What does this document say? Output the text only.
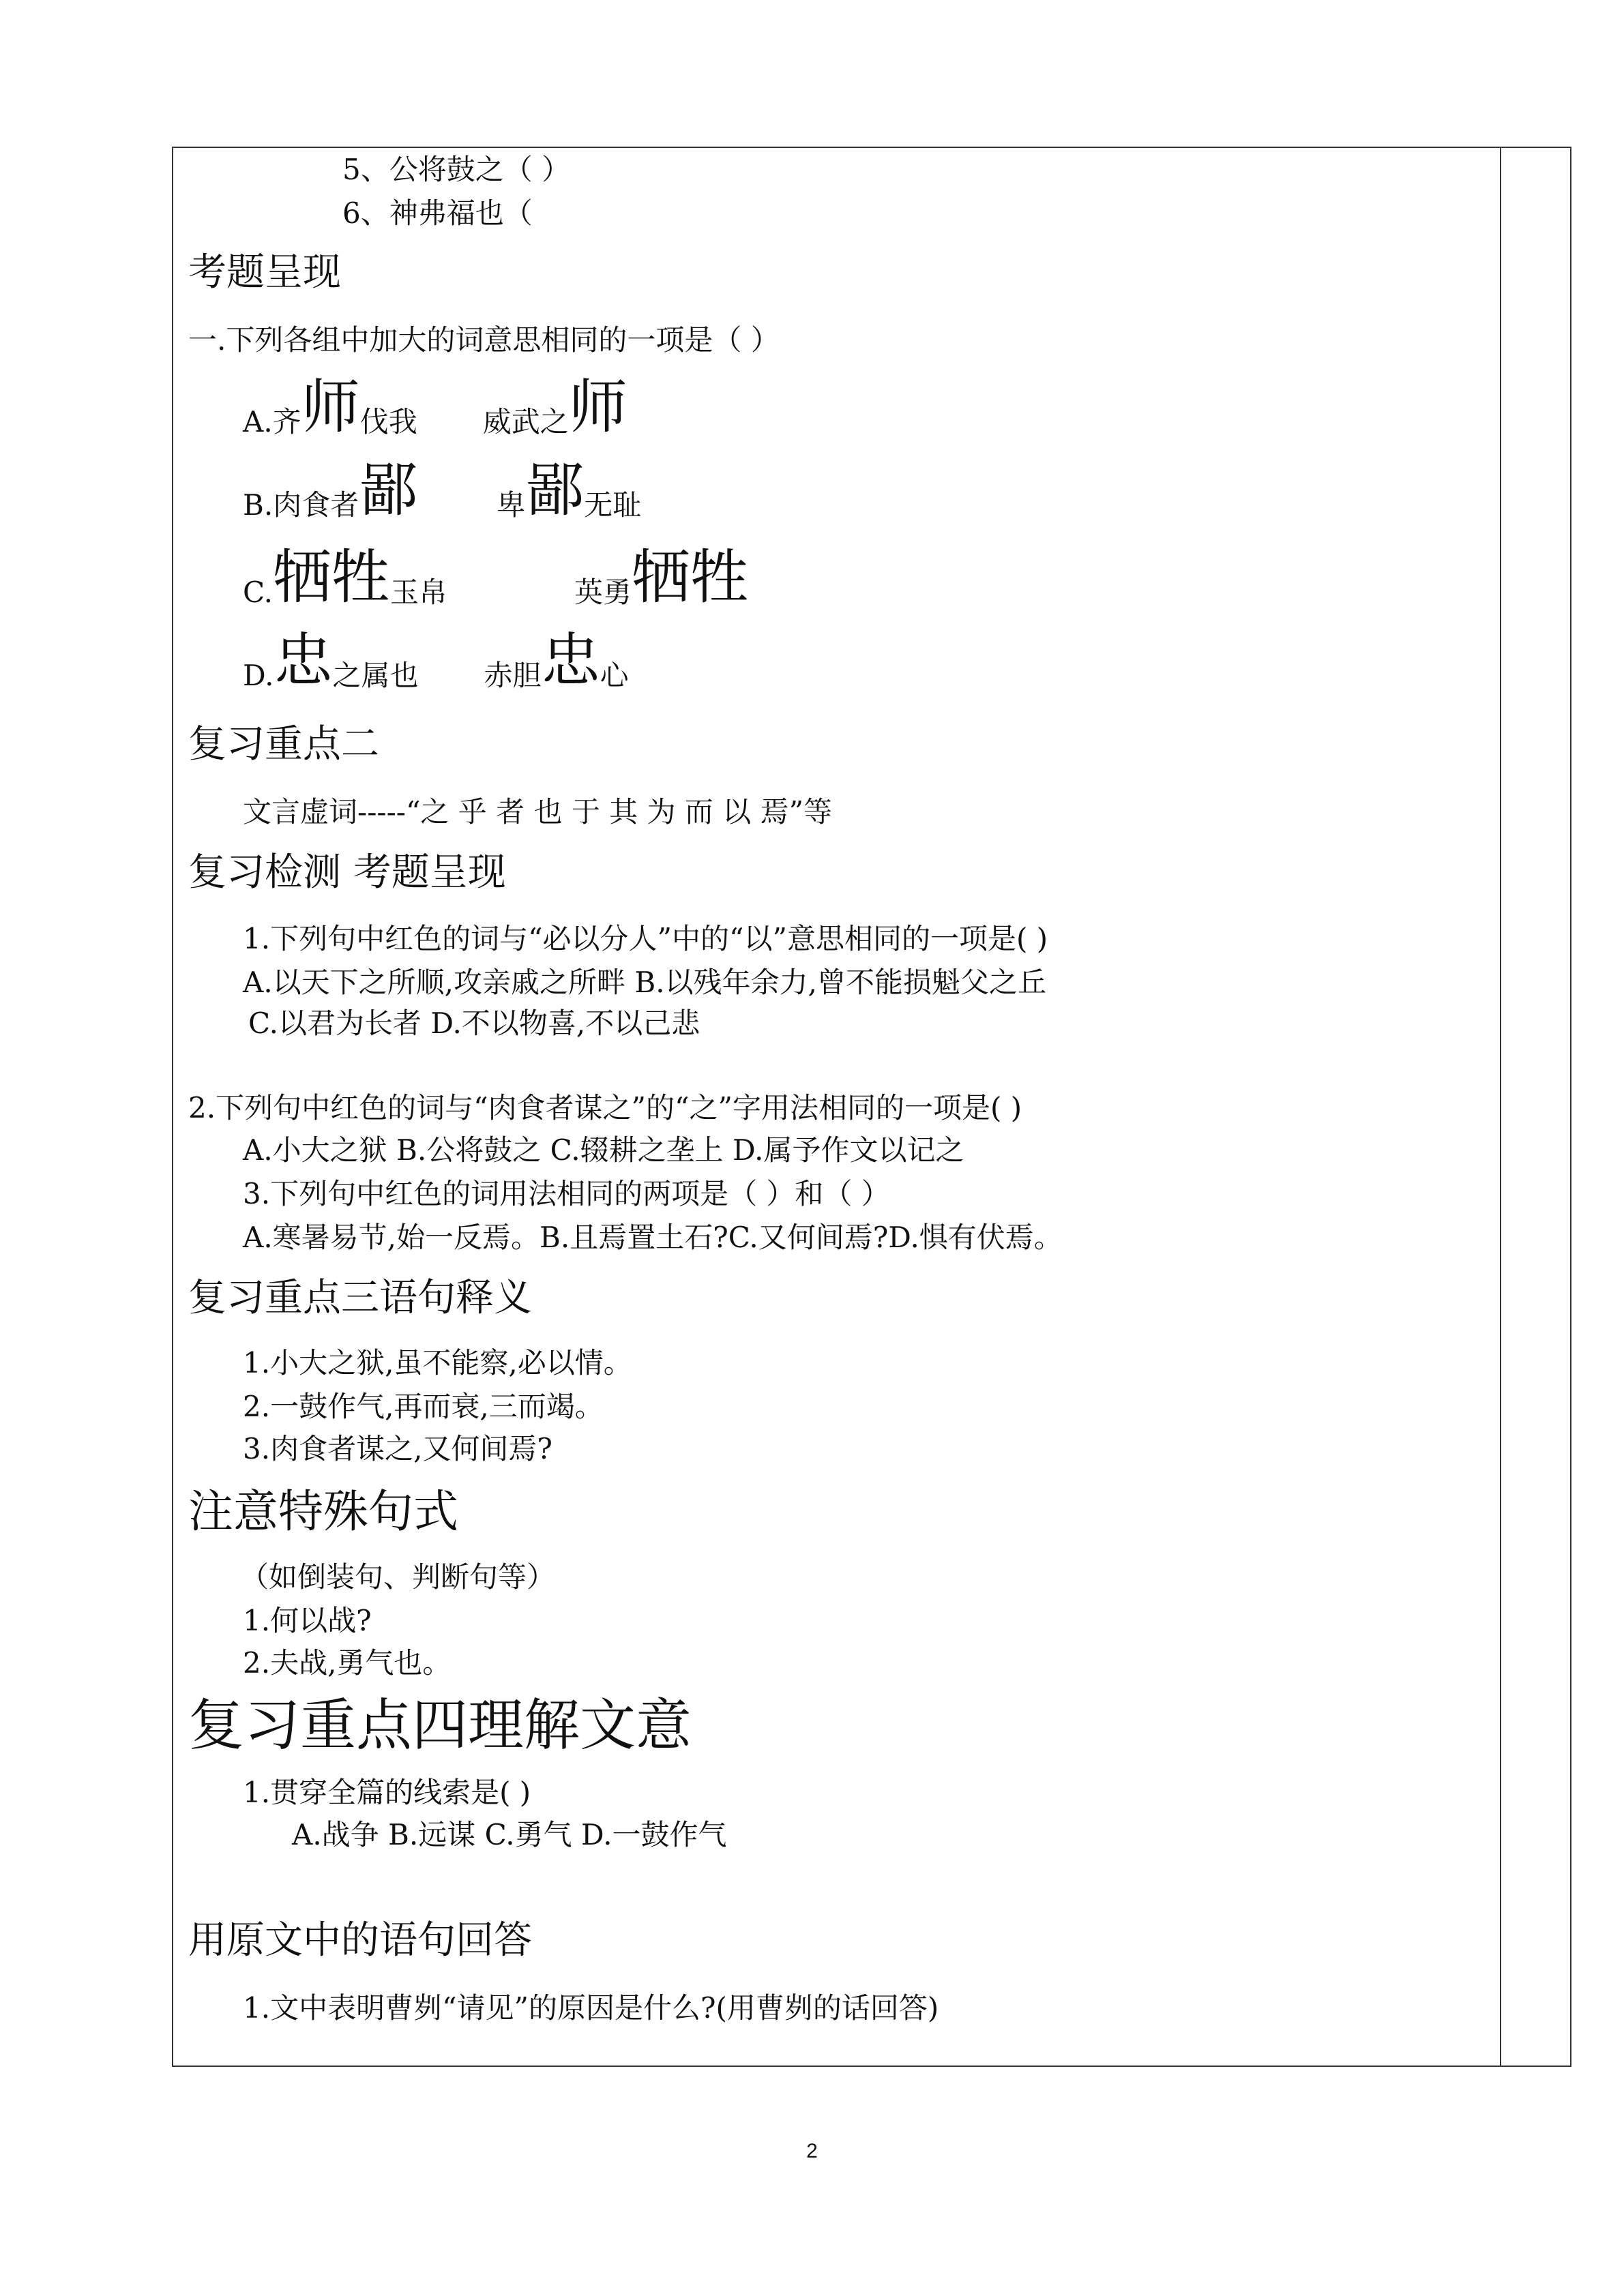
5、公将鼓之（ ）
6、神弗福也（
考题呈现
一.下列各组中加大的词意思相同的一项是（ ）
A.齐 师 伐我 威武之 师
B.肉食者 鄙	卑 鄙 无耻
C. 牺牲 玉帛	英勇 牺牲
D. 忠 之属也 赤胆 忠 心
复习重点二
文言虚词-----“之 乎 者 也 于 其 为 而 以 焉”等
复习检测 考题呈现
1.下列句中红色的词与“必以分人”中的“以”意思相同的一项是( )
A.以天下之所顺,攻亲戚之所畔 B.以残年余力,曾不能损魁父之丘
C.以君为长者 D.不以物喜,不以己悲
2.下列句中红色的词与“肉食者谋之”的“之”字用法相同的一项是( )
A.小大之狱 B.公将鼓之 C.辍耕之垄上 D.属予作文以记之
3.下列句中红色的词用法相同的两项是（ ）和（ ）
A.寒暑易节,始一反焉。B.且焉置土石?C.又何间焉?D.惧有伏焉。
复习重点三语句释义
1.小大之狱,虽不能察,必以情。
2.一鼓作气,再而衰,三而竭。
3.肉食者谋之,又何间焉?
注意特殊句式
（如倒装句、判断句等）
1.何以战?
2.夫战,勇气也。
复习重点四理解文意
1.贯穿全篇的线索是( )
A.战争 B.远谋 C.勇气 D.一鼓作气
用原文中的语句回答
1.文中表明曹刿“请见”的原因是什么?(用曹刿的话回答)
2
